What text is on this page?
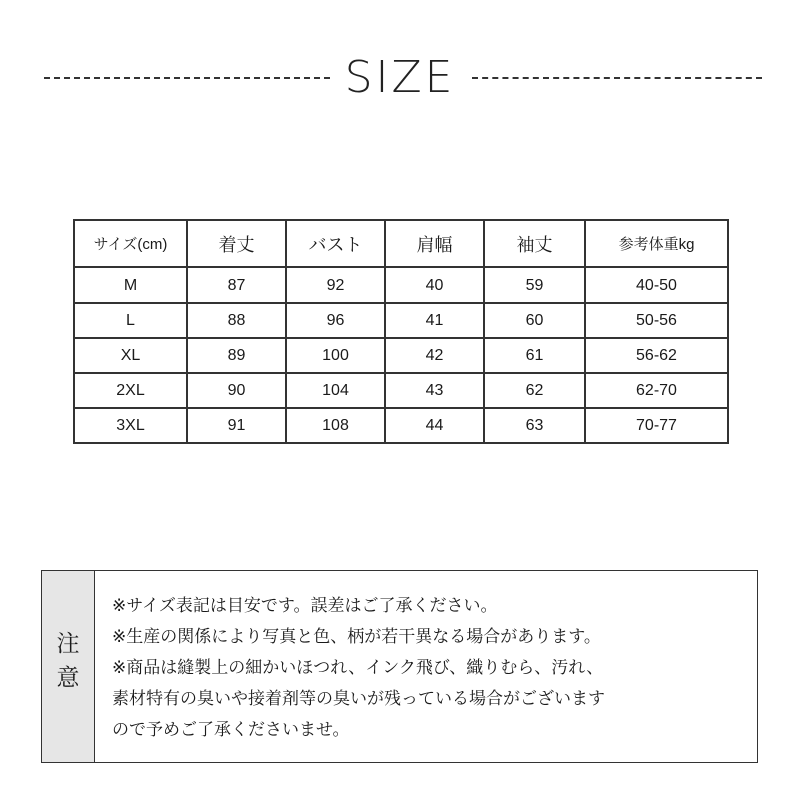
SIZE
サイズ(cm)	着丈	バスト	肩幅	袖丈	参考体重kg
M	87	92	40	59	40-50
L	88	96	41	60	50-56
XL	89	100	42	61	56-62
2XL	90	104	43	62	62-70
3XL	91	108	44	63	70-77
注
意
※サイズ表記は目安です。誤差はご了承ください。
※生産の関係により写真と色、柄が若干異なる場合があります。
※商品は縫製上の細かいほつれ、インク飛び、織りむら、汚れ、
素材特有の臭いや接着剤等の臭いが残っている場合がございます
ので予めご了承くださいませ。
